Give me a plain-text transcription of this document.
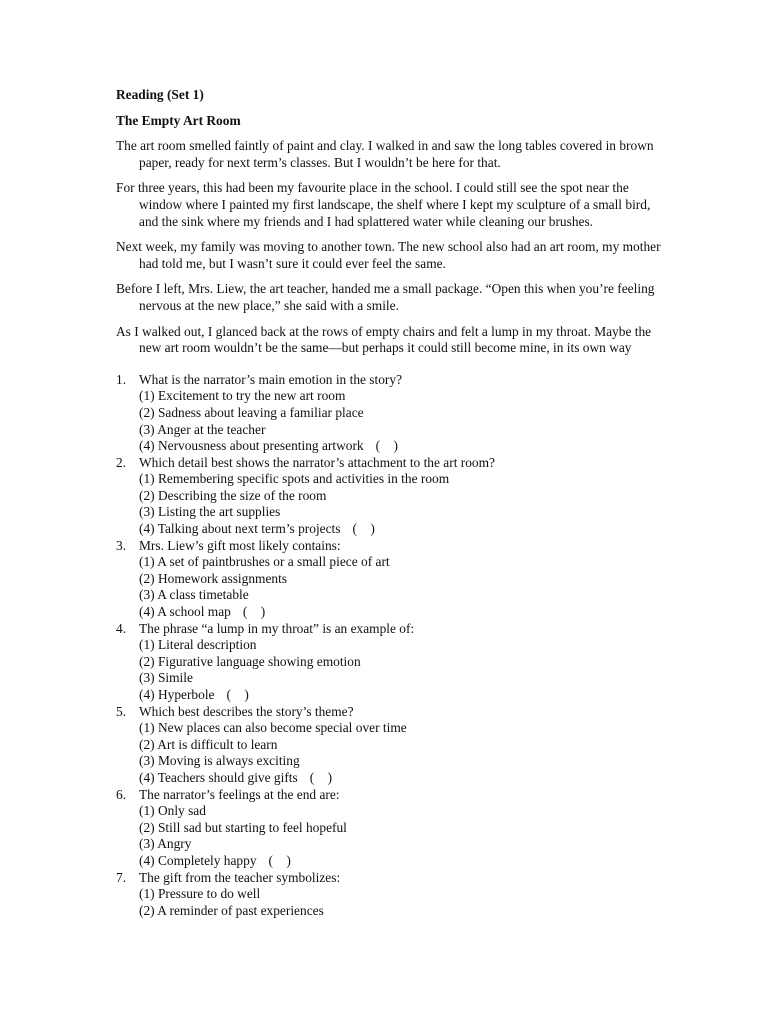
Reading (Set 1)

The Empty Art Room

The art room smelled faintly of paint and clay. I walked in and saw the long tables covered in brown paper, ready for next term’s classes. But I wouldn’t be here for that.

For three years, this had been my favourite place in the school. I could still see the spot near the window where I painted my first landscape, the shelf where I kept my sculpture of a small bird, and the sink where my friends and I had splattered water while cleaning our brushes.

Next week, my family was moving to another town. The new school also had an art room, my mother had told me, but I wasn’t sure it could ever feel the same.

Before I left, Mrs. Liew, the art teacher, handed me a small package. “Open this when you’re feeling nervous at the new place,” she said with a smile.

As I walked out, I glanced back at the rows of empty chairs and felt a lump in my throat. Maybe the new art room wouldn’t be the same—but perhaps it could still become mine, in its own way

1. What is the narrator’s main emotion in the story?
(1) Excitement to try the new art room
(2) Sadness about leaving a familiar place
(3) Anger at the teacher
(4) Nervousness about presenting artwork (    )
2. Which detail best shows the narrator’s attachment to the art room?
(1) Remembering specific spots and activities in the room
(2) Describing the size of the room
(3) Listing the art supplies
(4) Talking about next term’s projects (    )
3. Mrs. Liew’s gift most likely contains:
(1) A set of paintbrushes or a small piece of art
(2) Homework assignments
(3) A class timetable
(4) A school map (    )
4. The phrase “a lump in my throat” is an example of:
(1) Literal description
(2) Figurative language showing emotion
(3) Simile
(4) Hyperbole (    )
5. Which best describes the story’s theme?
(1) New places can also become special over time
(2) Art is difficult to learn
(3) Moving is always exciting
(4) Teachers should give gifts (    )
6. The narrator’s feelings at the end are:
(1) Only sad
(2) Still sad but starting to feel hopeful
(3) Angry
(4) Completely happy (    )
7. The gift from the teacher symbolizes:
(1) Pressure to do well
(2) A reminder of past experiences
